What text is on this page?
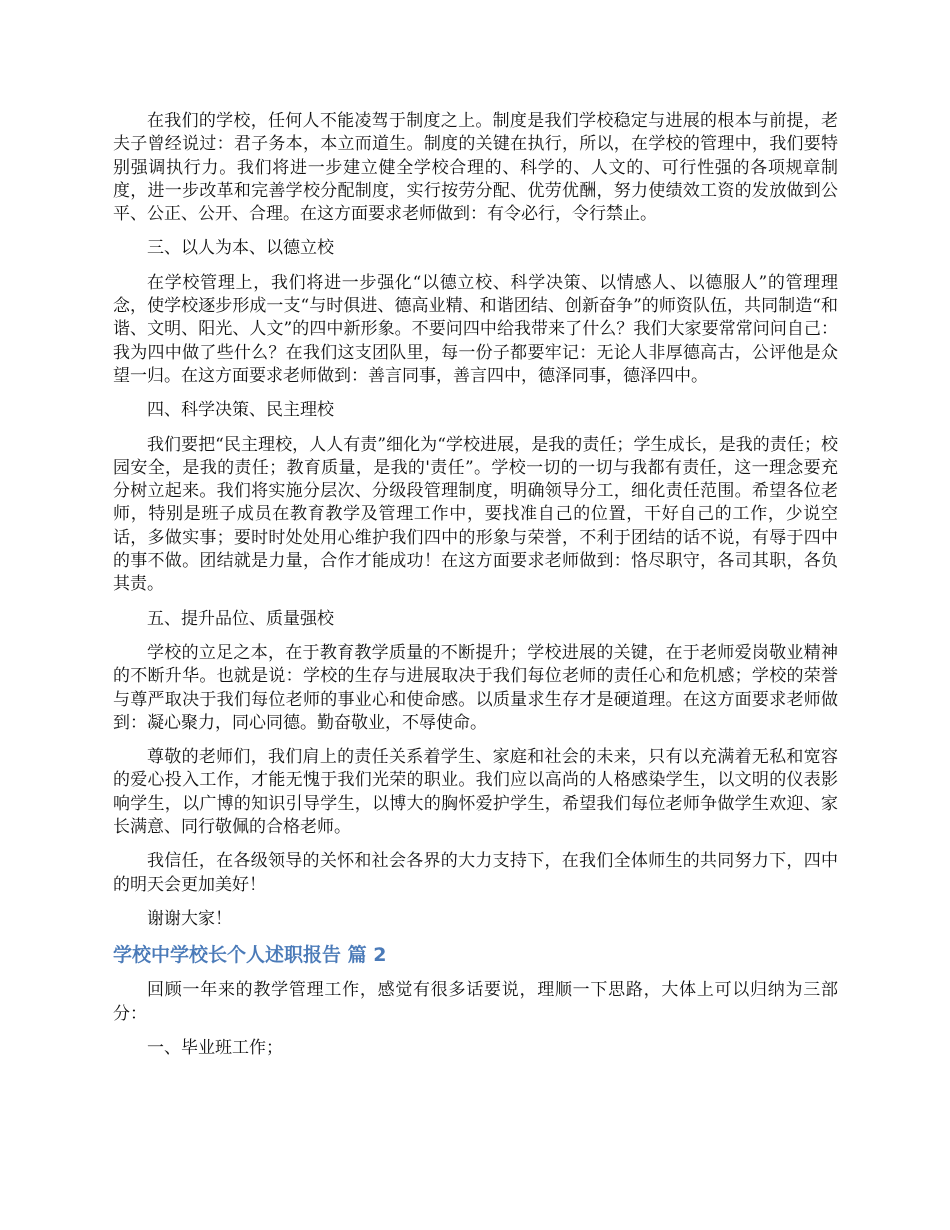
在我们的学校，任何人不能凌驾于制度之上。制度是我们学校稳定与进展的根本与前提，老夫子曾经说过：君子务本，本立而道生。制度的关键在执行，所以，在学校的管理中，我们要特别强调执行力。我们将进一步建立健全学校合理的、科学的、人文的、可行性强的各项规章制度，进一步改革和完善学校分配制度，实行按劳分配、优劳优酬，努力使绩效工资的发放做到公平、公正、公开、合理。在这方面要求老师做到：有令必行，令行禁止。

三、以人为本、以德立校

在学校管理上，我们将进一步强化“以德立校、科学决策、以情感人、以德服人”的管理理念，使学校逐步形成一支“与时俱进、德高业精、和谐团结、创新奋争”的师资队伍，共同制造“和谐、文明、阳光、人文”的四中新形象。不要问四中给我带来了什么？我们大家要常常问问自己：我为四中做了些什么？在我们这支团队里，每一份子都要牢记：无论人非厚德高古，公评他是众望一归。在这方面要求老师做到：善言同事，善言四中，德泽同事，德泽四中。

四、科学决策、民主理校

我们要把“民主理校，人人有责”细化为“学校进展，是我的责任；学生成长，是我的责任；校园安全，是我的责任；教育质量，是我的'责任”。学校一切的一切与我都有责任，这一理念要充分树立起来。我们将实施分层次、分级段管理制度，明确领导分工，细化责任范围。希望各位老师，特别是班子成员在教育教学及管理工作中，要找准自己的位置，干好自己的工作，少说空话，多做实事；要时时处处用心维护我们四中的形象与荣誉，不利于团结的话不说，有辱于四中的事不做。团结就是力量，合作才能成功！在这方面要求老师做到：恪尽职守，各司其职，各负其责。

五、提升品位、质量强校

学校的立足之本，在于教育教学质量的不断提升；学校进展的关键，在于老师爱岗敬业精神的不断升华。也就是说：学校的生存与进展取决于我们每位老师的责任心和危机感；学校的荣誉与尊严取决于我们每位老师的事业心和使命感。以质量求生存才是硬道理。在这方面要求老师做到：凝心聚力，同心同德。勤奋敬业，不辱使命。

尊敬的老师们，我们肩上的责任关系着学生、家庭和社会的未来，只有以充满着无私和宽容的爱心投入工作，才能无愧于我们光荣的职业。我们应以高尚的人格感染学生，以文明的仪表影响学生，以广博的知识引导学生，以博大的胸怀爱护学生，希望我们每位老师争做学生欢迎、家长满意、同行敬佩的合格老师。

我信任，在各级领导的关怀和社会各界的大力支持下，在我们全体师生的共同努力下，四中的明天会更加美好！

谢谢大家！

学校中学校长个人述职报告 篇 2

回顾一年来的教学管理工作，感觉有很多话要说，理顺一下思路，大体上可以归纳为三部分：

一、毕业班工作；
